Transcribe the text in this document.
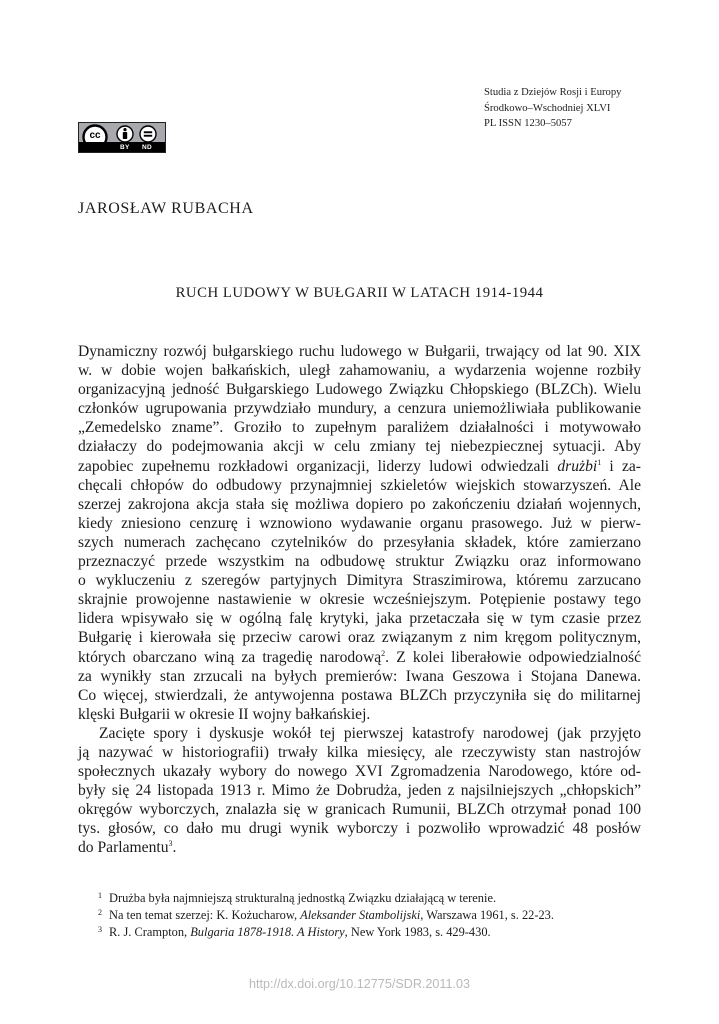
Studia z Dziejów Rosji i Europy
Środkowo–Wschodniej XLVI
PL ISSN 1230–5057
cc
BY ND
JAROSŁAW RUBACHA
RUCH LUDOWY W BUŁGARII W LATACH 1914-1944
Dynamiczny rozwój bułgarskiego ruchu ludowego w Bułgarii, trwający od lat 90. XIX
w. w dobie wojen bałkańskich, uległ zahamowaniu, a wydarzenia wojenne rozbiły
organizacyjną jedność Bułgarskiego Ludowego Związku Chłopskiego (BLZCh). Wielu
członków ugrupowania przywdziało mundury, a cenzura uniemożliwiała publikowanie
„Zemedelsko zname”. Groziło to zupełnym paraliżem działalności i motywowało
działaczy do podejmowania akcji w celu zmiany tej niebezpiecznej sytuacji. Aby
zapobiec zupełnemu rozkładowi organizacji, liderzy ludowi odwiedzali drużbi$^1$ i za-
chęcali chłopów do odbudowy przynajmniej szkieletów wiejskich stowarzyszeń. Ale
szerzej zakrojona akcja stała się możliwa dopiero po zakończeniu działań wojennych,
kiedy zniesiono cenzurę i wznowiono wydawanie organu prasowego. Już w pierw-
szych numerach zachęcano czytelników do przesyłania składek, które zamierzano
przeznaczyć przede wszystkim na odbudowę struktur Związku oraz informowano
o wykluczeniu z szeregów partyjnych Dimityra Straszimirowa, któremu zarzucano
skrajnie prowojenne nastawienie w okresie wcześniejszym. Potępienie postawy tego
lidera wpisywało się w ogólną falę krytyki, jaka przetaczała się w tym czasie przez
Bułgarię i kierowała się przeciw carowi oraz związanym z nim kręgom politycznym,
których obarczano winą za tragedię narodową$^2$. Z kolei liberałowie odpowiedzialność
za wynikły stan zrzucali na byłych premierów: Iwana Geszowa i Stojana Danewa.
Co więcej, stwierdzali, że antywojenna postawa BLZCh przyczyniła się do militarnej
klęski Bułgarii w okresie II wojny bałkańskiej.
Zacięte spory i dyskusje wokół tej pierwszej katastrofy narodowej (jak przyjęto
ją nazywać w historiografii) trwały kilka miesięcy, ale rzeczywisty stan nastrojów
społecznych ukazały wybory do nowego XVI Zgromadzenia Narodowego, które od-
były się 24 listopada 1913 r. Mimo że Dobrudża, jeden z najsilniejszych „chłopskich”
okręgów wyborczych, znalazła się w granicach Rumunii, BLZCh otrzymał ponad 100
tys. głosów, co dało mu drugi wynik wyborczy i pozwoliło wprowadzić 48 posłów
do Parlamentu$^3$.
1 Drużba była najmniejszą strukturalną jednostką Związku działającą w terenie.
2 Na ten temat szerzej: K. Kożucharow, Aleksander Stambolijski, Warszawa 1961, s. 22-23.
3 R. J. Crampton, Bulgaria 1878-1918. A History, New York 1983, s. 429-430.
http://dx.doi.org/10.12775/SDR.2011.03
